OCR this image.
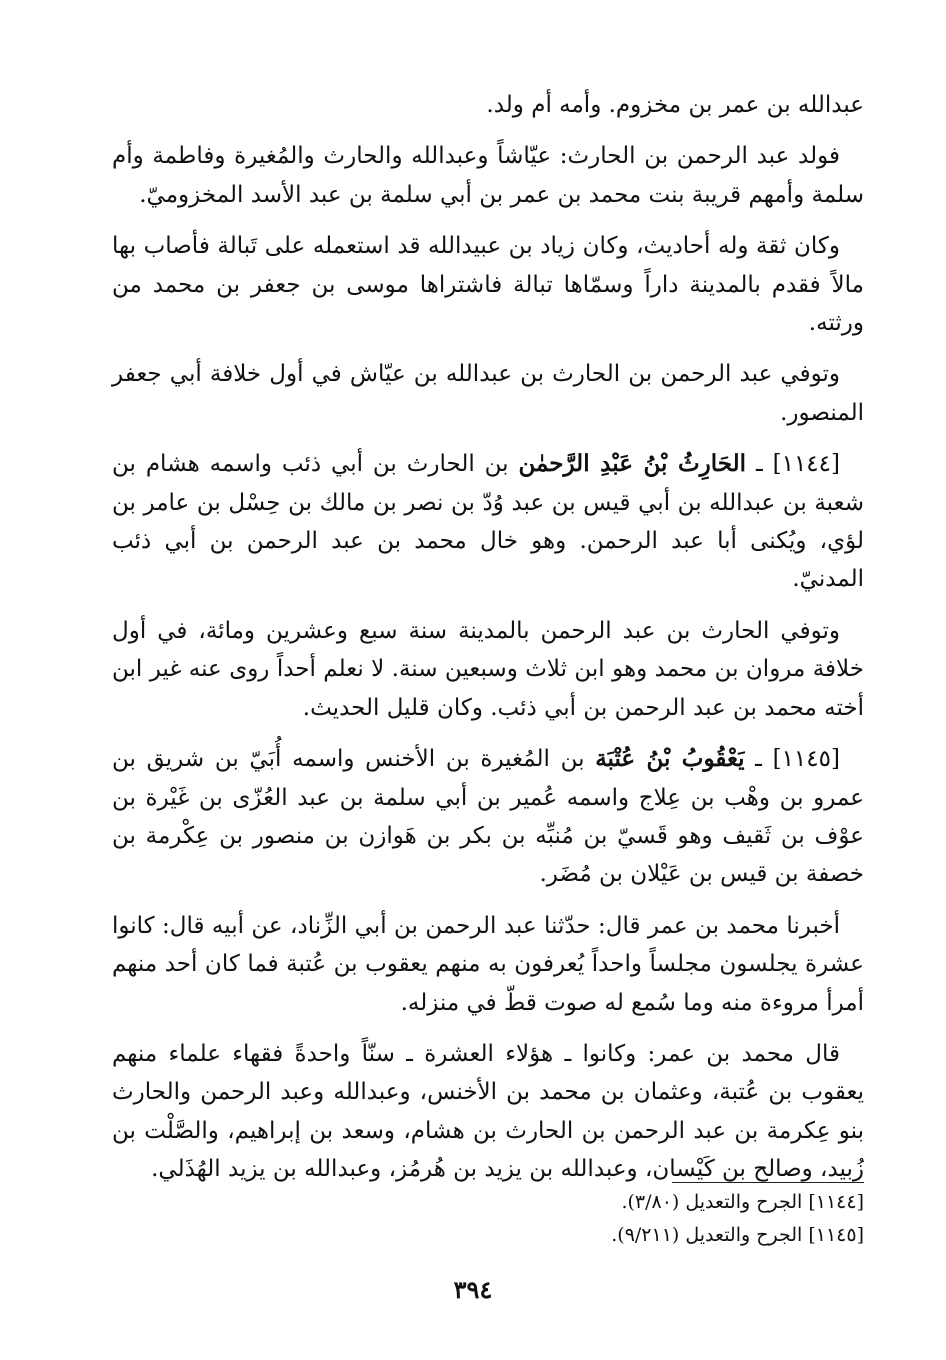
عبدالله بن عمر بن مخزوم. وأمه أم ولد.

فولد عبد الرحمن بن الحارث: عيّاشاً وعبدالله والحارث والمُغيرة وفاطمة وأم سلمة وأمهم قريبة بنت محمد بن عمر بن أبي سلمة بن عبد الأسد المخزوميّ.

وكان ثقة وله أحاديث، وكان زياد بن عبيدالله قد استعمله على تَبالة فأصاب بها مالاً فقدم بالمدينة داراً وسمّاها تبالة فاشتراها موسى بن جعفر بن محمد من ورثته.

وتوفي عبد الرحمن بن الحارث بن عبدالله بن عيّاش في أول خلافة أبي جعفر المنصور.

[١١٤٤] ـ الحَارِثُ بْنُ عَبْدِ الرَّحمٰن بن الحارث بن أبي ذئب واسمه هشام بن شعبة بن عبدالله بن أبي قيس بن عبد وُدّ بن نصر بن مالك بن حِسْل بن عامر بن لؤي، ويُكنى أبا عبد الرحمن. وهو خال محمد بن عبد الرحمن بن أبي ذئب المدنيّ.

وتوفي الحارث بن عبد الرحمن بالمدينة سنة سبع وعشرين ومائة، في أول خلافة مروان بن محمد وهو ابن ثلاث وسبعين سنة. لا نعلم أحداً روى عنه غير ابن أخته محمد بن عبد الرحمن بن أبي ذئب. وكان قليل الحديث.

[١١٤٥] ـ يَعْقُوبُ بْنُ عُتْبَة بن المُغيرة بن الأخنس واسمه أُبَيّ بن شريق بن عمرو بن وهْب بن عِلاج واسمه عُمير بن أبي سلمة بن عبد العُزّى بن غَيْرة بن عوْف بن ثَقيف وهو قَسيّ بن مُنبِّه بن بكر بن هَوازن بن منصور بن عِكْرمة بن خصفة بن قيس بن عَيْلان بن مُضَر.

أخبرنا محمد بن عمر قال: حدّثنا عبد الرحمن بن أبي الزِّناد، عن أبيه قال: كانوا عشرة يجلسون مجلساً واحداً يُعرفون به منهم يعقوب بن عُتبة فما كان أحد منهم أمرأ مروءة منه وما سُمع له صوت قطّ في منزله.

قال محمد بن عمر: وكانوا ـ هؤلاء العشرة ـ سنّاً واحدةً فقهاء علماء منهم يعقوب بن عُتبة، وعثمان بن محمد بن الأخنس، وعبدالله وعبد الرحمن والحارث بنو عِكرمة بن عبد الرحمن بن الحارث بن هشام، وسعد بن إبراهيم، والصَّلْت بن زُبيد، وصالح بن كَيْسان، وعبدالله بن يزيد بن هُرمُز، وعبدالله بن يزيد الهُذَلي.

[١١٤٤] الجرح والتعديل (٣/٨٠).

[١١٤٥] الجرح والتعديل (٩/٢١١).

٣٩٤
